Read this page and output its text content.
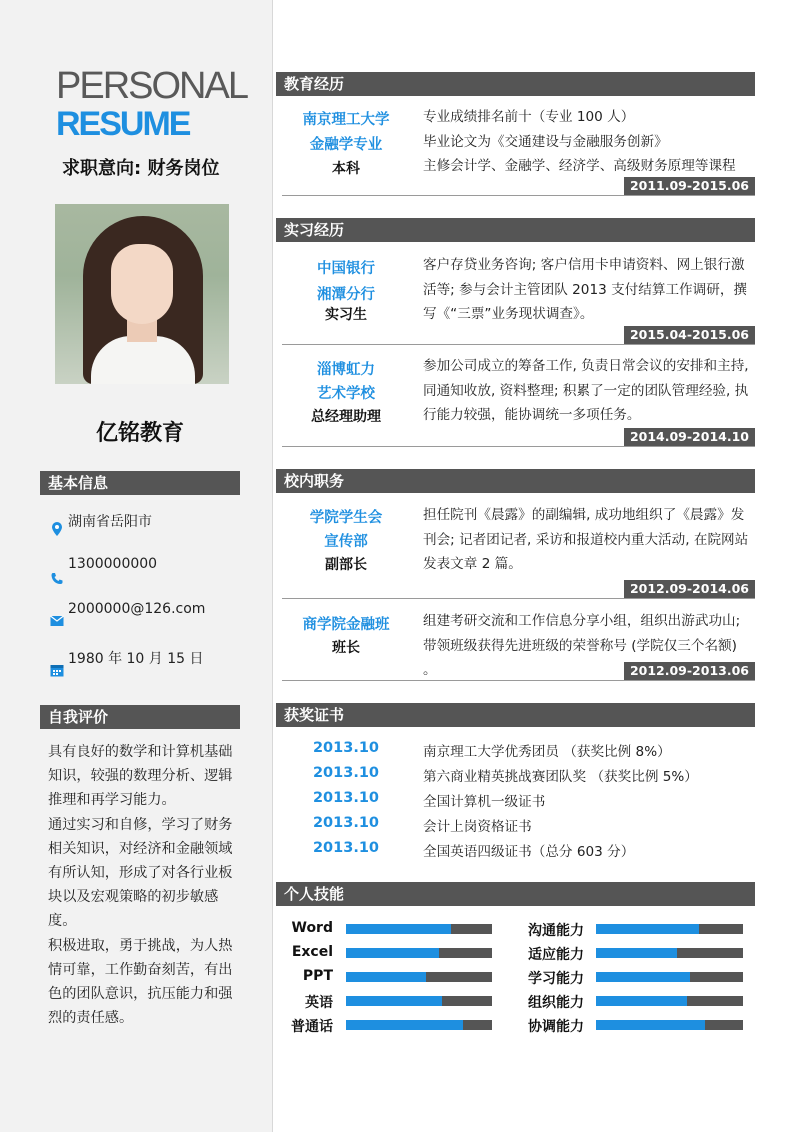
PERSONAL
RESUME
求职意向: 财务岗位
亿铭教育
基本信息
湖南省岳阳市
1300000000
2000000@126.com
1980 年 10 月 15 日
自我评价

具有良好的数学和计算机基础知识，较强的数理分析、逻辑推理和再学习能力。

通过实习和自修，学习了财务相关知识，对经济和金融领域有所认知，形成了对各行业板块以及宏观策略的初步敏感度。

积极进取，勇于挑战，为人热情可靠，工作勤奋刻苦，有出色的团队意识，抗压能力和强烈的责任感。

教育经历
南京理工大学
金融学专业
本科
专业成绩排名前十（专业 100 人）
毕业论文为《交通建设与金融服务创新》
主修会计学、金融学、经济学、高级财务原理等课程
2011.09-2015.06
实习经历
中国银行
湘潭分行
实习生
客户存贷业务咨询; 客户信用卡申请资料、网上银行激活等; 参与会计主管团队 2013 支付结算工作调研，撰写《“三票”业务现状调查》。
2015.04-2015.06
淄博虹力
艺术学校
总经理助理
参加公司成立的筹备工作, 负责日常会议的安排和主持, 同通知收放, 资料整理; 积累了一定的团队管理经验, 执行能力较强，能协调统一多项任务。
2014.09-2014.10
校内职务
学院学生会
宣传部
副部长
担任院刊《晨露》的副编辑, 成功地组织了《晨露》发刊会; 记者团记者, 采访和报道校内重大活动, 在院网站发表文章 2 篇。
2012.09-2014.06
商学院金融班
班长
组建考研交流和工作信息分享小组，组织出游武功山; 带领班级获得先进班级的荣誉称号 (学院仅三个名额) 。	2012.09-2013.06
获奖证书
2013.10	南京理工大学优秀团员 （获奖比例 8%）
2013.10	第六商业精英挑战赛团队奖 （获奖比例 5%）
2013.10	全国计算机一级证书
2013.10	会计上岗资格证书
2013.10	全国英语四级证书（总分 603 分）
个人技能
Word
Excel
PPT
英语
普通话
沟通能力
适应能力
学习能力
组织能力
协调能力
